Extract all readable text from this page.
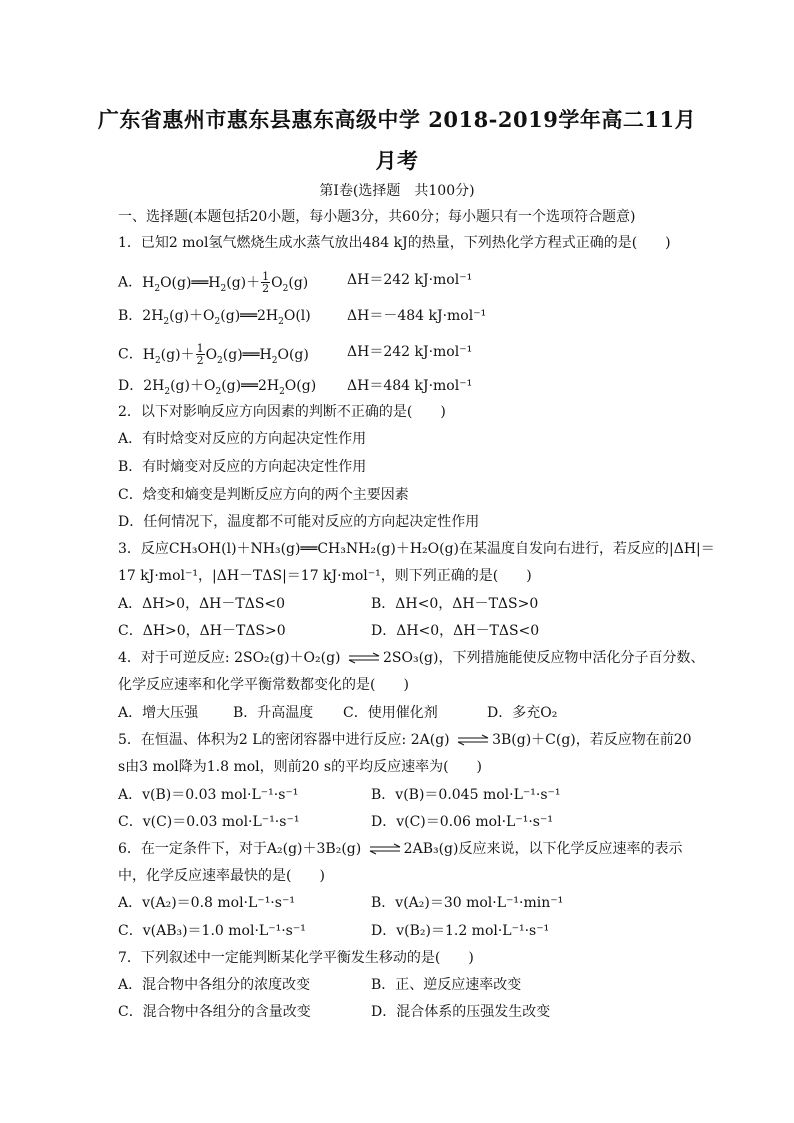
广东省惠州市惠东县惠东高级中学 2018-2019学年高二11月
月考
第Ⅰ卷(选择题　共100分)
一、选择题(本题包括20小题，每小题3分，共60分；每小题只有一个选项符合题意)
1．已知2 mol氢气燃烧生成水蒸气放出484 kJ的热量，下列热化学方程式正确的是(　　)
A．$H_2O(g)══H_2(g)+ \frac{1}{2} O_2(g)$	ΔH＝242 kJ·mol⁻¹
B．$2H_2(g)+O_2(g)══2H_2O(l)$	ΔH＝－484 kJ·mol⁻¹
C．$H_2(g)+ \frac{1}{2}$ $O_2(g)══H_2O(g)$	ΔH＝242 kJ·mol⁻¹
D．$2H_2(g)+O_2(g)══2H_2O(g)$ ΔH＝484 kJ·mol⁻¹
2．以下对影响反应方向因素的判断不正确的是(　　)
A．有时焓变对反应的方向起决定性作用
B．有时熵变对反应的方向起决定性作用
C．焓变和熵变是判断反应方向的两个主要因素
D．任何情况下，温度都不可能对反应的方向起决定性作用
3．反应CH₃OH(l)＋NH₃(g)══CH₃NH₂(g)＋H₂O(g)在某温度自发向右进行，若反应的|ΔH|＝
17 kJ·mol⁻¹，|ΔH－TΔS|＝17 kJ·mol⁻¹，则下列正确的是(　　)
A．ΔH>0，ΔH－TΔS<0	B．ΔH<0，ΔH－TΔS>0
C．ΔH>0，ΔH－TΔS>0	D．ΔH<0，ΔH－TΔS<0
4．对于可逆反应: 2SO₂(g)＋O₂(g) ⇌ 2SO₃(g)，下列措施能使反应物中活化分子百分数、
化学反应速率和化学平衡常数都变化的是(　　)
A．增大压强 B．升高温度 C．使用催化剂	D．多充O₂
5．在恒温、体积为2 L的密闭容器中进行反应: 2A(g) ⇌ 3B(g)＋C(g)，若反应物在前20
s由3 mol降为1.8 mol，则前20 s的平均反应速率为(　　)
A．v(B)＝0.03 mol·L⁻¹·s⁻¹	B．v(B)＝0.045 mol·L⁻¹·s⁻¹
C．v(C)＝0.03 mol·L⁻¹·s⁻¹	D．v(C)＝0.06 mol·L⁻¹·s⁻¹
6．在一定条件下，对于A₂(g)＋3B₂(g) ⇌ 2AB₃(g)反应来说，以下化学反应速率的表示
中，化学反应速率最快的是(　　)
A．v(A₂)＝0.8 mol·L⁻¹·s⁻¹	B．v(A₂)＝30 mol·L⁻¹·min⁻¹
C．v(AB₃)＝1.0 mol·L⁻¹·s⁻¹	D．v(B₂)＝1.2 mol·L⁻¹·s⁻¹
7．下列叙述中一定能判断某化学平衡发生移动的是(　　)
A．混合物中各组分的浓度改变	B．正、逆反应速率改变
C．混合物中各组分的含量改变	D．混合体系的压强发生改变
